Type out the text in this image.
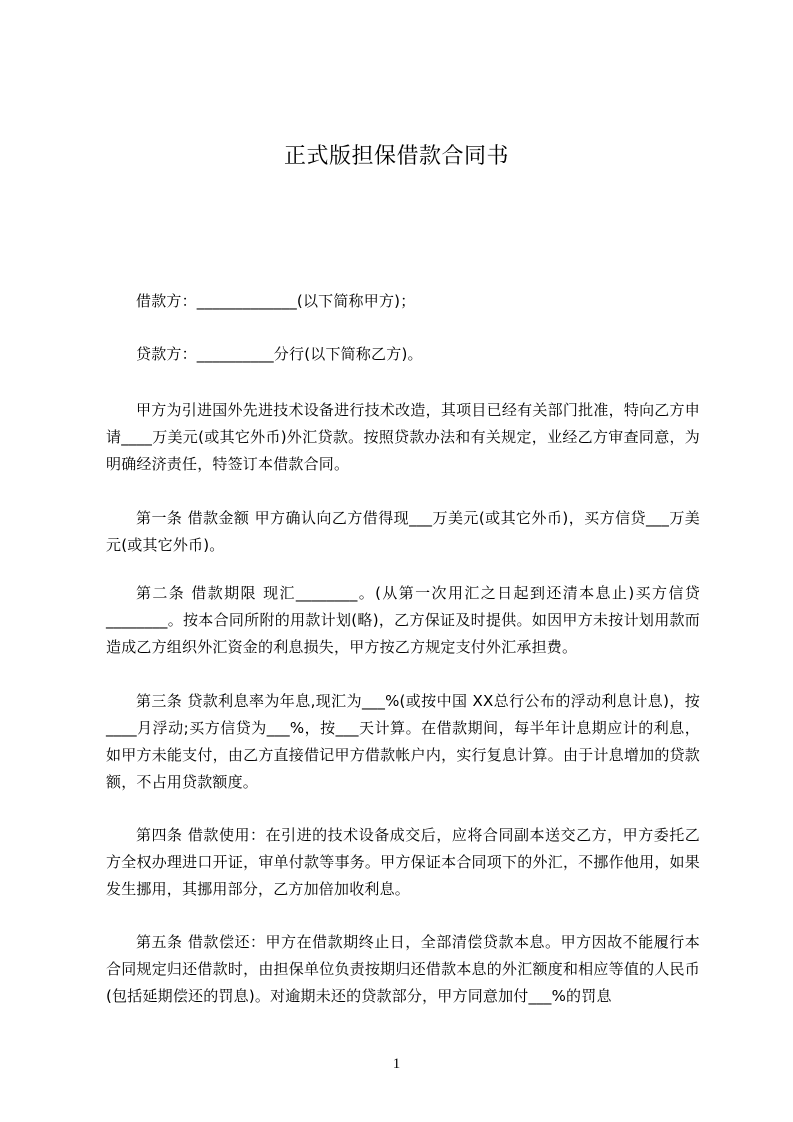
正式版担保借款合同书

借款方：_____________(以下简称甲方)；

贷款方：__________分行(以下简称乙方)。

甲方为引进国外先进技术设备进行技术改造，其项目已经有关部门批准，特向乙方申请____万美元(或其它外币)外汇贷款。按照贷款办法和有关规定，业经乙方审查同意，为明确经济责任，特签订本借款合同。

第一条 借款金额 甲方确认向乙方借得现___万美元(或其它外币)，买方信贷___万美元(或其它外币)。

第二条 借款期限 现汇________。(从第一次用汇之日起到还清本息止)买方信贷________。按本合同所附的用款计划(略)，乙方保证及时提供。如因甲方未按计划用款而造成乙方组织外汇资金的利息损失，甲方按乙方规定支付外汇承担费。

第三条 贷款利息率为年息,现汇为___%(或按中国 XX总行公布的浮动利息计息)，按____月浮动;买方信贷为___%，按___天计算。在借款期间，每半年计息期应计的利息，如甲方未能支付，由乙方直接借记甲方借款帐户内，实行复息计算。由于计息增加的贷款额，不占用贷款额度。

第四条 借款使用：在引进的技术设备成交后，应将合同副本送交乙方，甲方委托乙方全权办理进口开证，审单付款等事务。甲方保证本合同项下的外汇，不挪作他用，如果发生挪用，其挪用部分，乙方加倍加收利息。

第五条 借款偿还：甲方在借款期终止日，全部清偿贷款本息。甲方因故不能履行本合同规定归还借款时，由担保单位负责按期归还借款本息的外汇额度和相应等值的人民币(包括延期偿还的罚息)。对逾期未还的贷款部分，甲方同意加付___%的罚息

1
